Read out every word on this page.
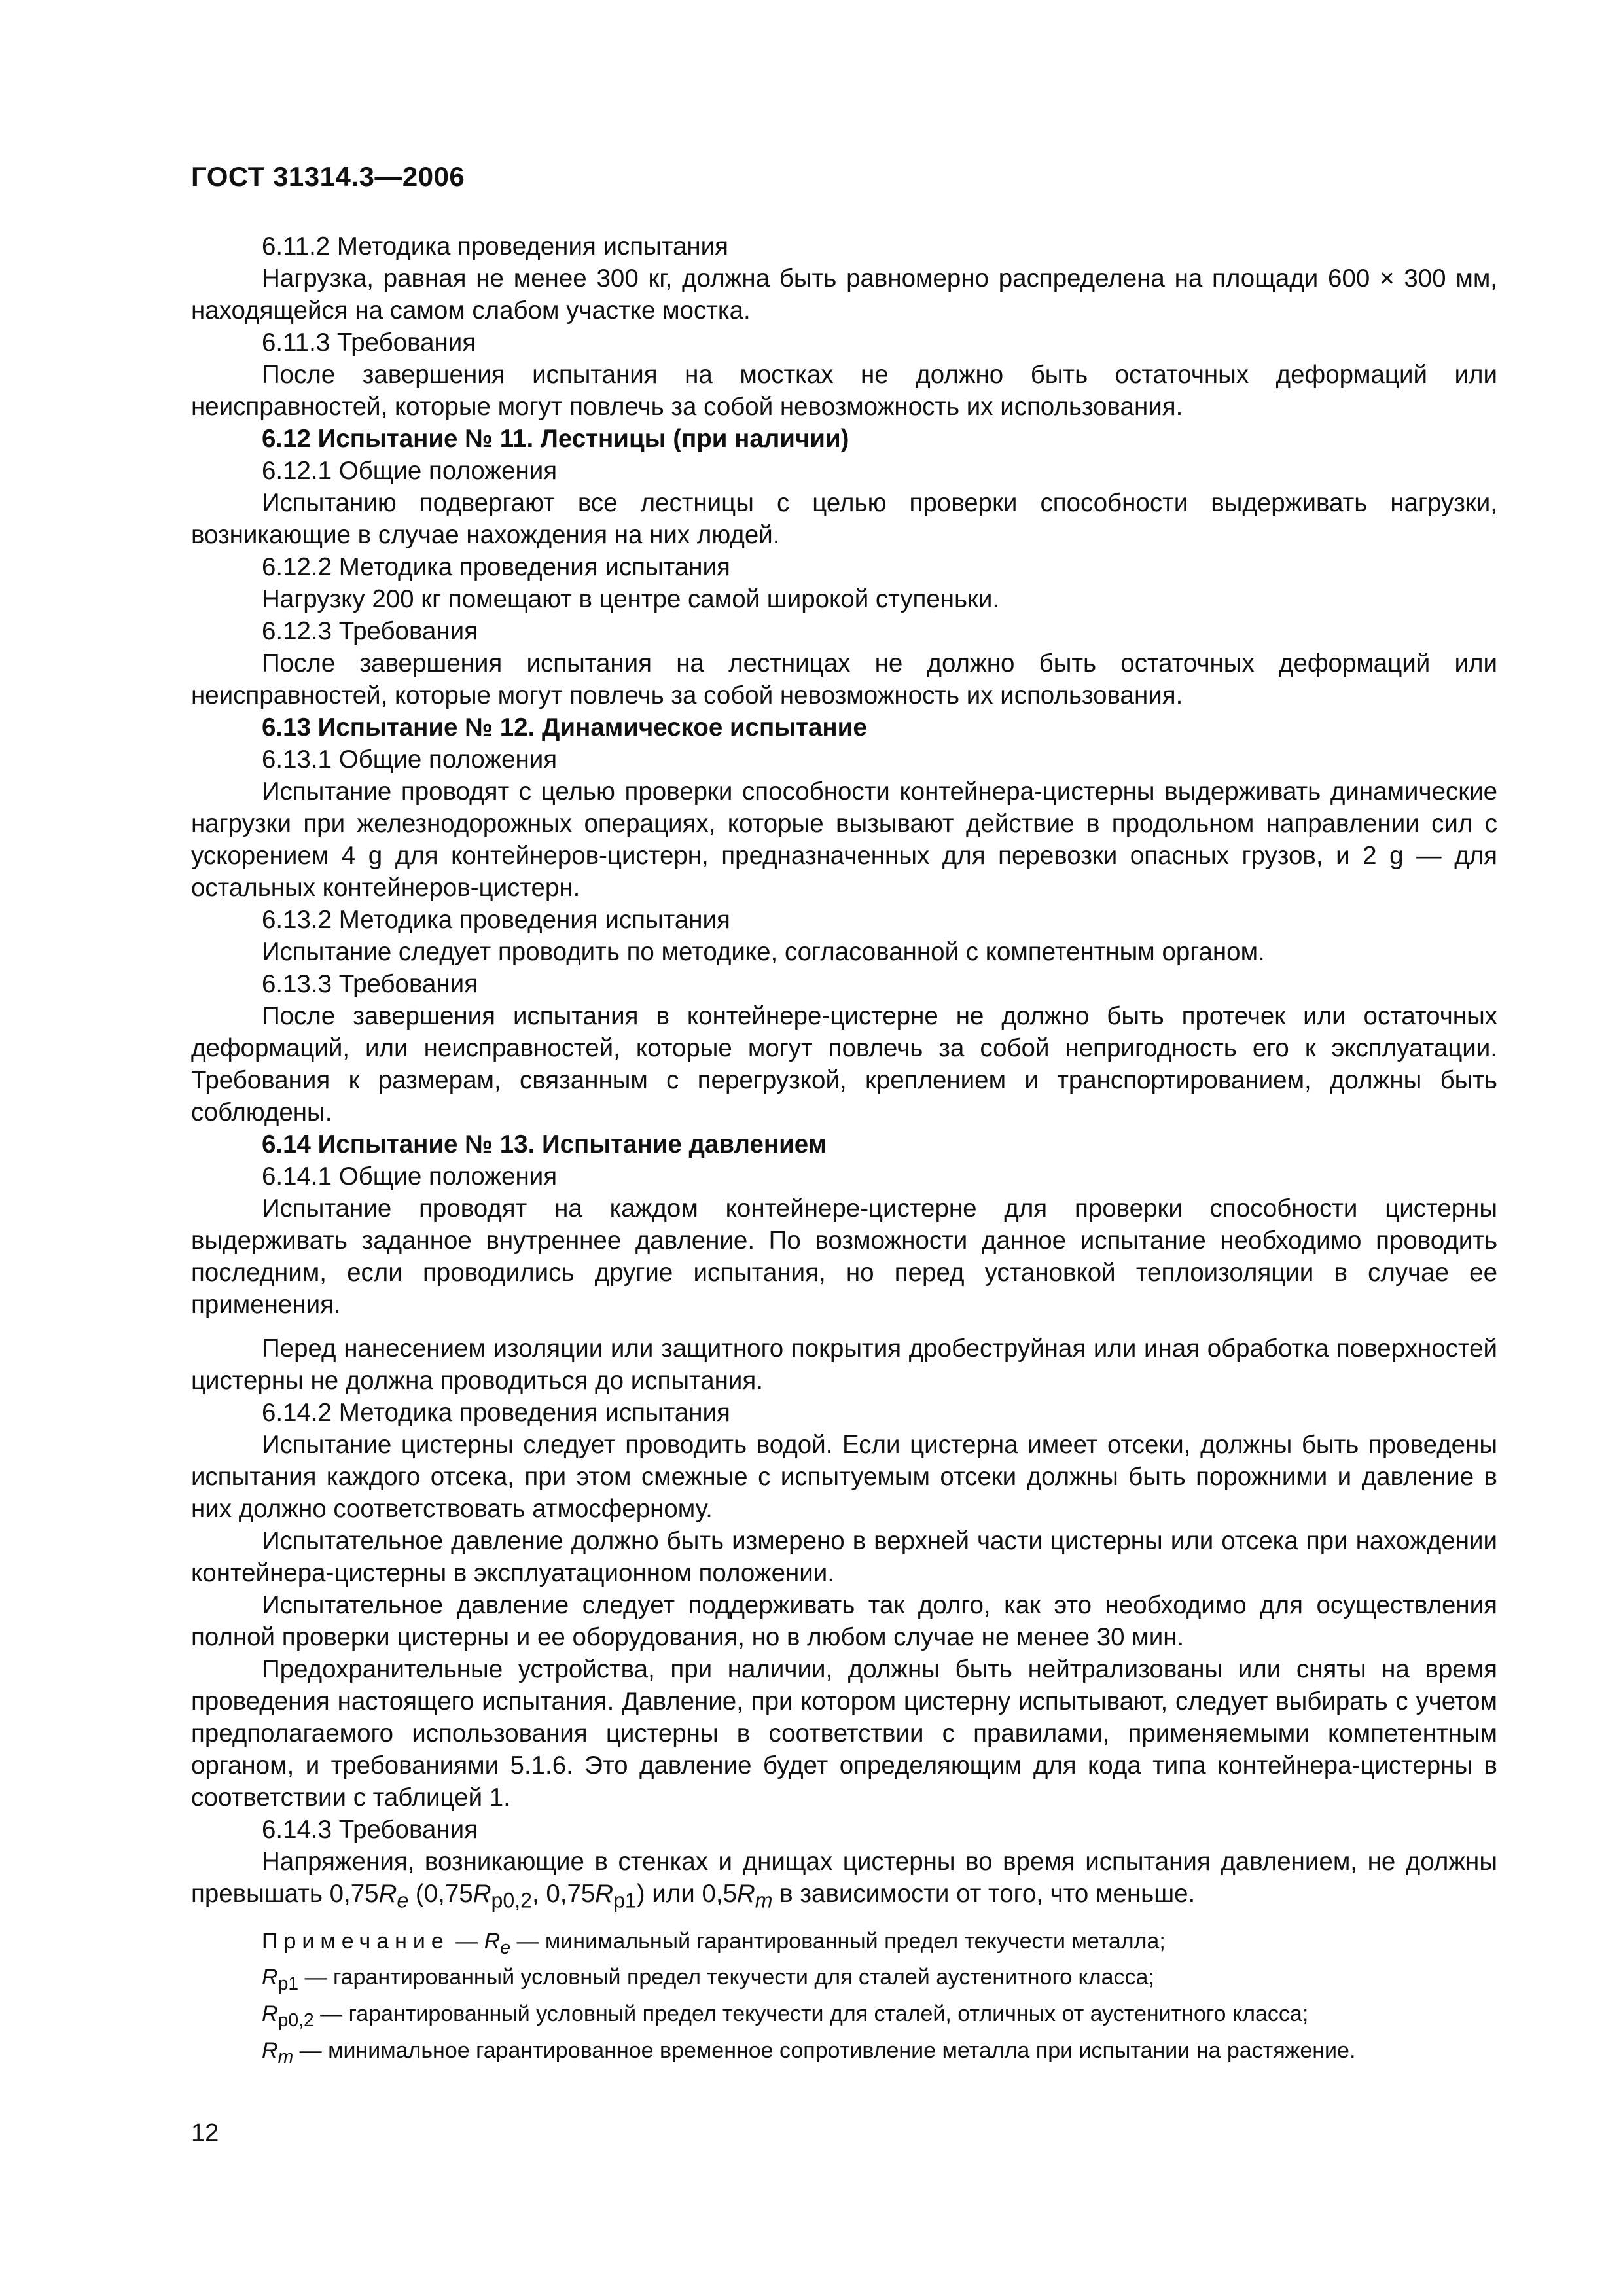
ГОСТ 31314.3—2006

6.11.2 Методика проведения испытания

Нагрузка, равная не менее 300 кг, должна быть равномерно распределена на площади 600 × 300 мм, находящейся на самом слабом участке мостка.

6.11.3 Требования

После завершения испытания на мостках не должно быть остаточных деформаций или неисправностей, которые могут повлечь за собой невозможность их использования.

6.12 Испытание № 11. Лестницы (при наличии)

6.12.1 Общие положения

Испытанию подвергают все лестницы с целью проверки способности выдерживать нагрузки, возникающие в случае нахождения на них людей.

6.12.2 Методика проведения испытания

Нагрузку 200 кг помещают в центре самой широкой ступеньки.

6.12.3 Требования

После завершения испытания на лестницах не должно быть остаточных деформаций или неисправностей, которые могут повлечь за собой невозможность их использования.

6.13 Испытание № 12. Динамическое испытание

6.13.1 Общие положения

Испытание проводят с целью проверки способности контейнера-цистерны выдерживать динамические нагрузки при железнодорожных операциях, которые вызывают действие в продольном направлении сил с ускорением 4 g для контейнеров-цистерн, предназначенных для перевозки опасных грузов, и 2 g — для остальных контейнеров-цистерн.

6.13.2 Методика проведения испытания

Испытание следует проводить по методике, согласованной с компетентным органом.

6.13.3 Требования

После завершения испытания в контейнере-цистерне не должно быть протечек или остаточных деформаций, или неисправностей, которые могут повлечь за собой непригодность его к эксплуатации. Требования к размерам, связанным с перегрузкой, креплением и транспортированием, должны быть соблюдены.

6.14 Испытание № 13. Испытание давлением

6.14.1 Общие положения

Испытание проводят на каждом контейнере-цистерне для проверки способности цистерны выдерживать заданное внутреннее давление. По возможности данное испытание необходимо проводить последним, если проводились другие испытания, но перед установкой теплоизоляции в случае ее применения.

Перед нанесением изоляции или защитного покрытия дробеструйная или иная обработка поверхностей цистерны не должна проводиться до испытания.

6.14.2 Методика проведения испытания

Испытание цистерны следует проводить водой. Если цистерна имеет отсеки, должны быть проведены испытания каждого отсека, при этом смежные с испытуемым отсеки должны быть порожними и давление в них должно соответствовать атмосферному.

Испытательное давление должно быть измерено в верхней части цистерны или отсека при нахождении контейнера-цистерны в эксплуатационном положении.

Испытательное давление следует поддерживать так долго, как это необходимо для осуществления полной проверки цистерны и ее оборудования, но в любом случае не менее 30 мин.

Предохранительные устройства, при наличии, должны быть нейтрализованы или сняты на время проведения настоящего испытания. Давление, при котором цистерну испытывают, следует выбирать с учетом предполагаемого использования цистерны в соответствии с правилами, применяемыми компетентным органом, и требованиями 5.1.6. Это давление будет определяющим для кода типа контейнера-цистерны в соответствии с таблицей 1.

6.14.3 Требования

Напряжения, возникающие в стенках и днищах цистерны во время испытания давлением, не должны превышать $0,75R_e$ ($0,75R_{p0,2}$, $0,75R_{p1}$) или $0,5R_m$ в зависимости от того, что меньше.

Примечание — $R_e$ — минимальный гарантированный предел текучести металла;

$R_{p1}$ — гарантированный условный предел текучести для сталей аустенитного класса;

$R_{p0,2}$ — гарантированный условный предел текучести для сталей, отличных от аустенитного класса;

$R_m$ — минимальное гарантированное временное сопротивление металла при испытании на растяжение.

12
